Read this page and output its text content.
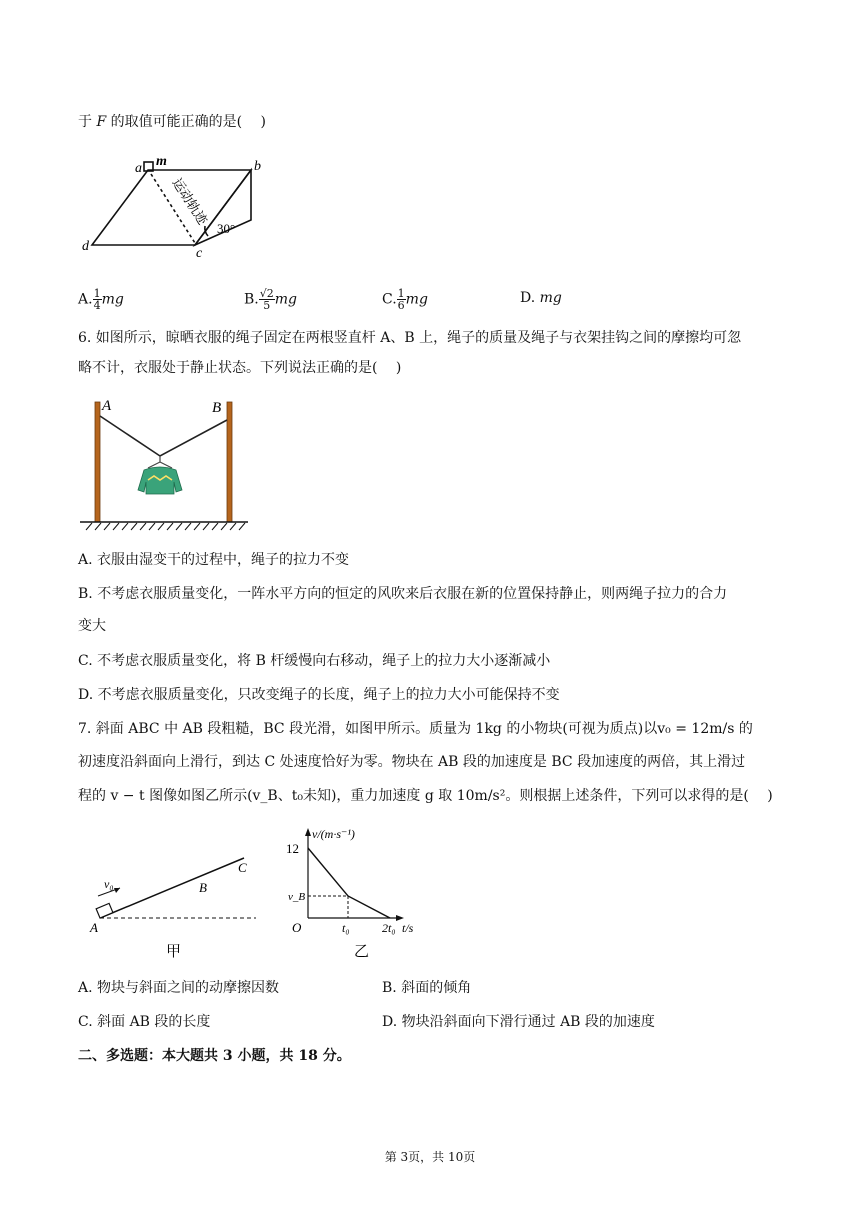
于 F 的取值可能正确的是(　 )
a m	b
c
d
30°
运动轨迹
A. $\frac{1}{4}$ mg	B. $\frac{√2}{5}$ mg	C. $\frac{1}{6}$ mg	D. mg
6. 如图所示，晾晒衣服的绳子固定在两根竖直杆 A、B 上，绳子的质量及绳子与衣架挂钩之间的摩擦均可忽
略不计，衣服处于静止状态。下列说法正确的是(　 )
A	B
A. 衣服由湿变干的过程中，绳子的拉力不变
B. 不考虑衣服质量变化，一阵水平方向的恒定的风吹来后衣服在新的位置保持静止，则两绳子拉力的合力
变大
C. 不考虑衣服质量变化，将 B 杆缓慢向右移动，绳子上的拉力大小逐渐减小
D. 不考虑衣服质量变化，只改变绳子的长度，绳子上的拉力大小可能保持不变
7. 斜面 ABC 中 AB 段粗糙，BC 段光滑，如图甲所示。质量为 1kg 的小物块(可视为质点)以v₀ = 12m/s 的
初速度沿斜面向上滑行，到达 C 处速度恰好为零。物块在 AB 段的加速度是 BC 段加速度的两倍，其上滑过
程的 v − t 图像如图乙所示(v_B、t₀未知)，重力加速度 g 取 10m/s²。则根据上述条件，下列可以求得的是(　 )
v₀
A
B
C
甲
v/(m·s⁻¹)
12
v_B
O	t₀	2t₀ t/s
乙
A. 物块与斜面之间的动摩擦因数	B. 斜面的倾角
C. 斜面 AB 段的长度	D. 物块沿斜面向下滑行通过 AB 段的加速度
二、多选题：本大题共 3 小题，共 18 分。
第 3页，共 10页
